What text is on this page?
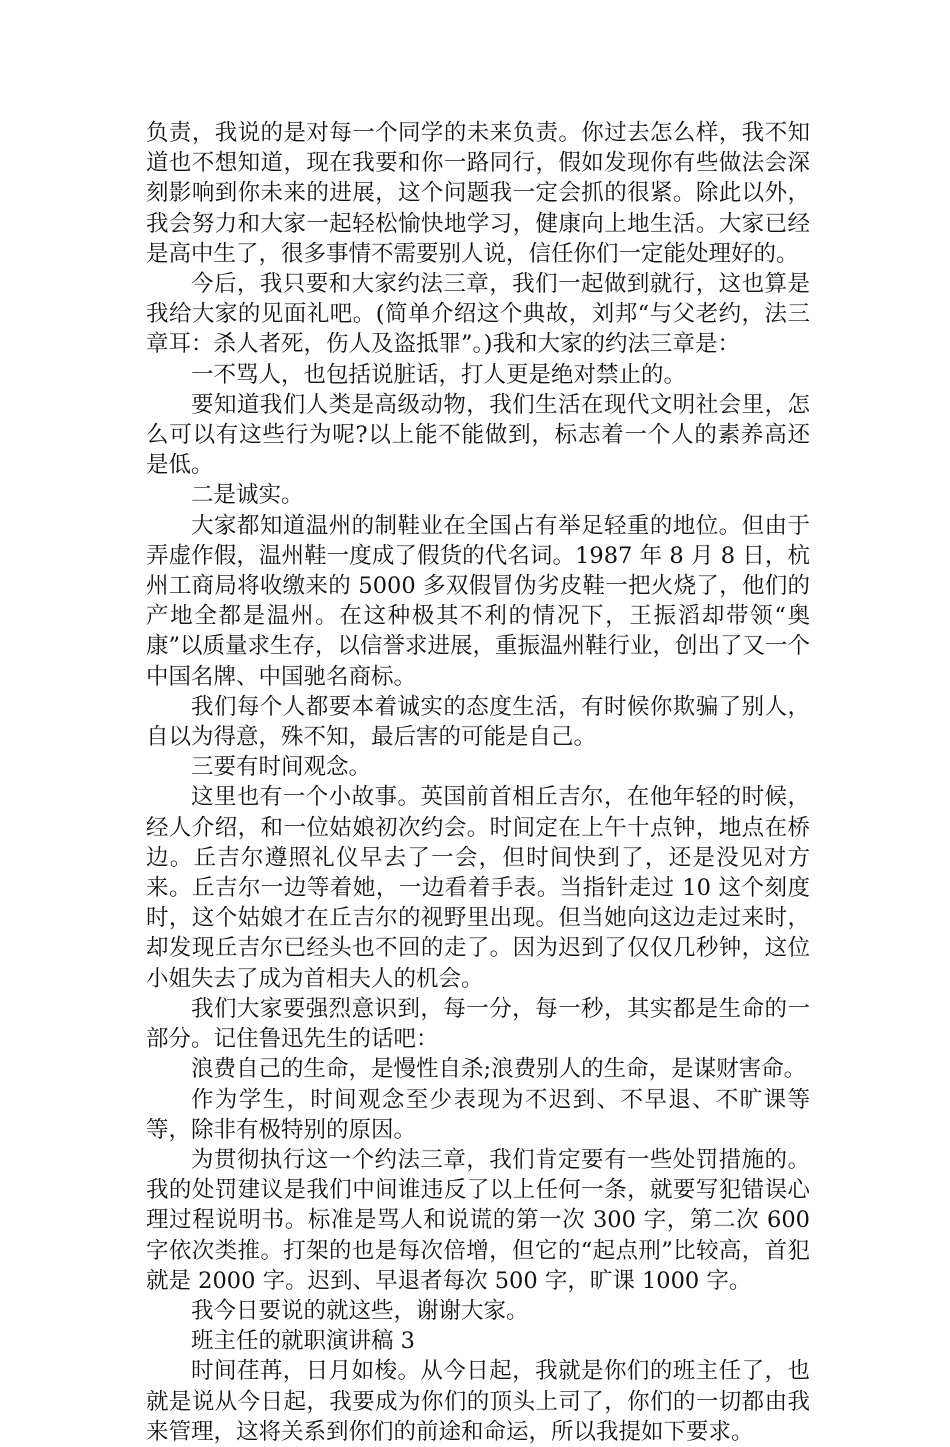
负责，我说的是对每一个同学的未来负责。你过去怎么样，我不知道也不想知道，现在我要和你一路同行，假如发现你有些做法会深刻影响到你未来的进展，这个问题我一定会抓的很紧。除此以外，我会努力和大家一起轻松愉快地学习，健康向上地生活。大家已经是高中生了，很多事情不需要别人说，信任你们一定能处理好的。

今后，我只要和大家约法三章，我们一起做到就行，这也算是我给大家的见面礼吧。(简单介绍这个典故，刘邦“与父老约，法三章耳：杀人者死，伤人及盗抵罪”。)我和大家的约法三章是：

一不骂人，也包括说脏话，打人更是绝对禁止的。

要知道我们人类是高级动物，我们生活在现代文明社会里，怎么可以有这些行为呢?以上能不能做到，标志着一个人的素养高还是低。

二是诚实。

大家都知道温州的制鞋业在全国占有举足轻重的地位。但由于弄虚作假，温州鞋一度成了假货的代名词。1987 年 8 月 8 日，杭州工商局将收缴来的 5000 多双假冒伪劣皮鞋一把火烧了，他们的产地全都是温州。在这种极其不利的情况下，王振滔却带领“奥康”以质量求生存，以信誉求进展，重振温州鞋行业，创出了又一个中国名牌、中国驰名商标。

我们每个人都要本着诚实的态度生活，有时候你欺骗了别人，自以为得意，殊不知，最后害的可能是自己。

三要有时间观念。

这里也有一个小故事。英国前首相丘吉尔，在他年轻的时候，经人介绍，和一位姑娘初次约会。时间定在上午十点钟，地点在桥边。丘吉尔遵照礼仪早去了一会，但时间快到了，还是没见对方来。丘吉尔一边等着她，一边看着手表。当指针走过 10 这个刻度时，这个姑娘才在丘吉尔的视野里出现。但当她向这边走过来时，却发现丘吉尔已经头也不回的走了。因为迟到了仅仅几秒钟，这位小姐失去了成为首相夫人的机会。

我们大家要强烈意识到，每一分，每一秒，其实都是生命的一部分。记住鲁迅先生的话吧：

浪费自己的生命，是慢性自杀;浪费别人的生命，是谋财害命。

作为学生，时间观念至少表现为不迟到、不早退、不旷课等等，除非有极特别的原因。

为贯彻执行这一个约法三章，我们肯定要有一些处罚措施的。我的处罚建议是我们中间谁违反了以上任何一条，就要写犯错误心理过程说明书。标准是骂人和说谎的第一次 300 字，第二次 600 字依次类推。打架的也是每次倍增，但它的“起点刑”比较高，首犯就是 2000 字。迟到、早退者每次 500 字，旷课 1000 字。

我今日要说的就这些，谢谢大家。

班主任的就职演讲稿 3

时间荏苒，日月如梭。从今日起，我就是你们的班主任了，也就是说从今日起，我要成为你们的顶头上司了，你们的一切都由我来管理，这将关系到你们的前途和命运，所以我提如下要求。
